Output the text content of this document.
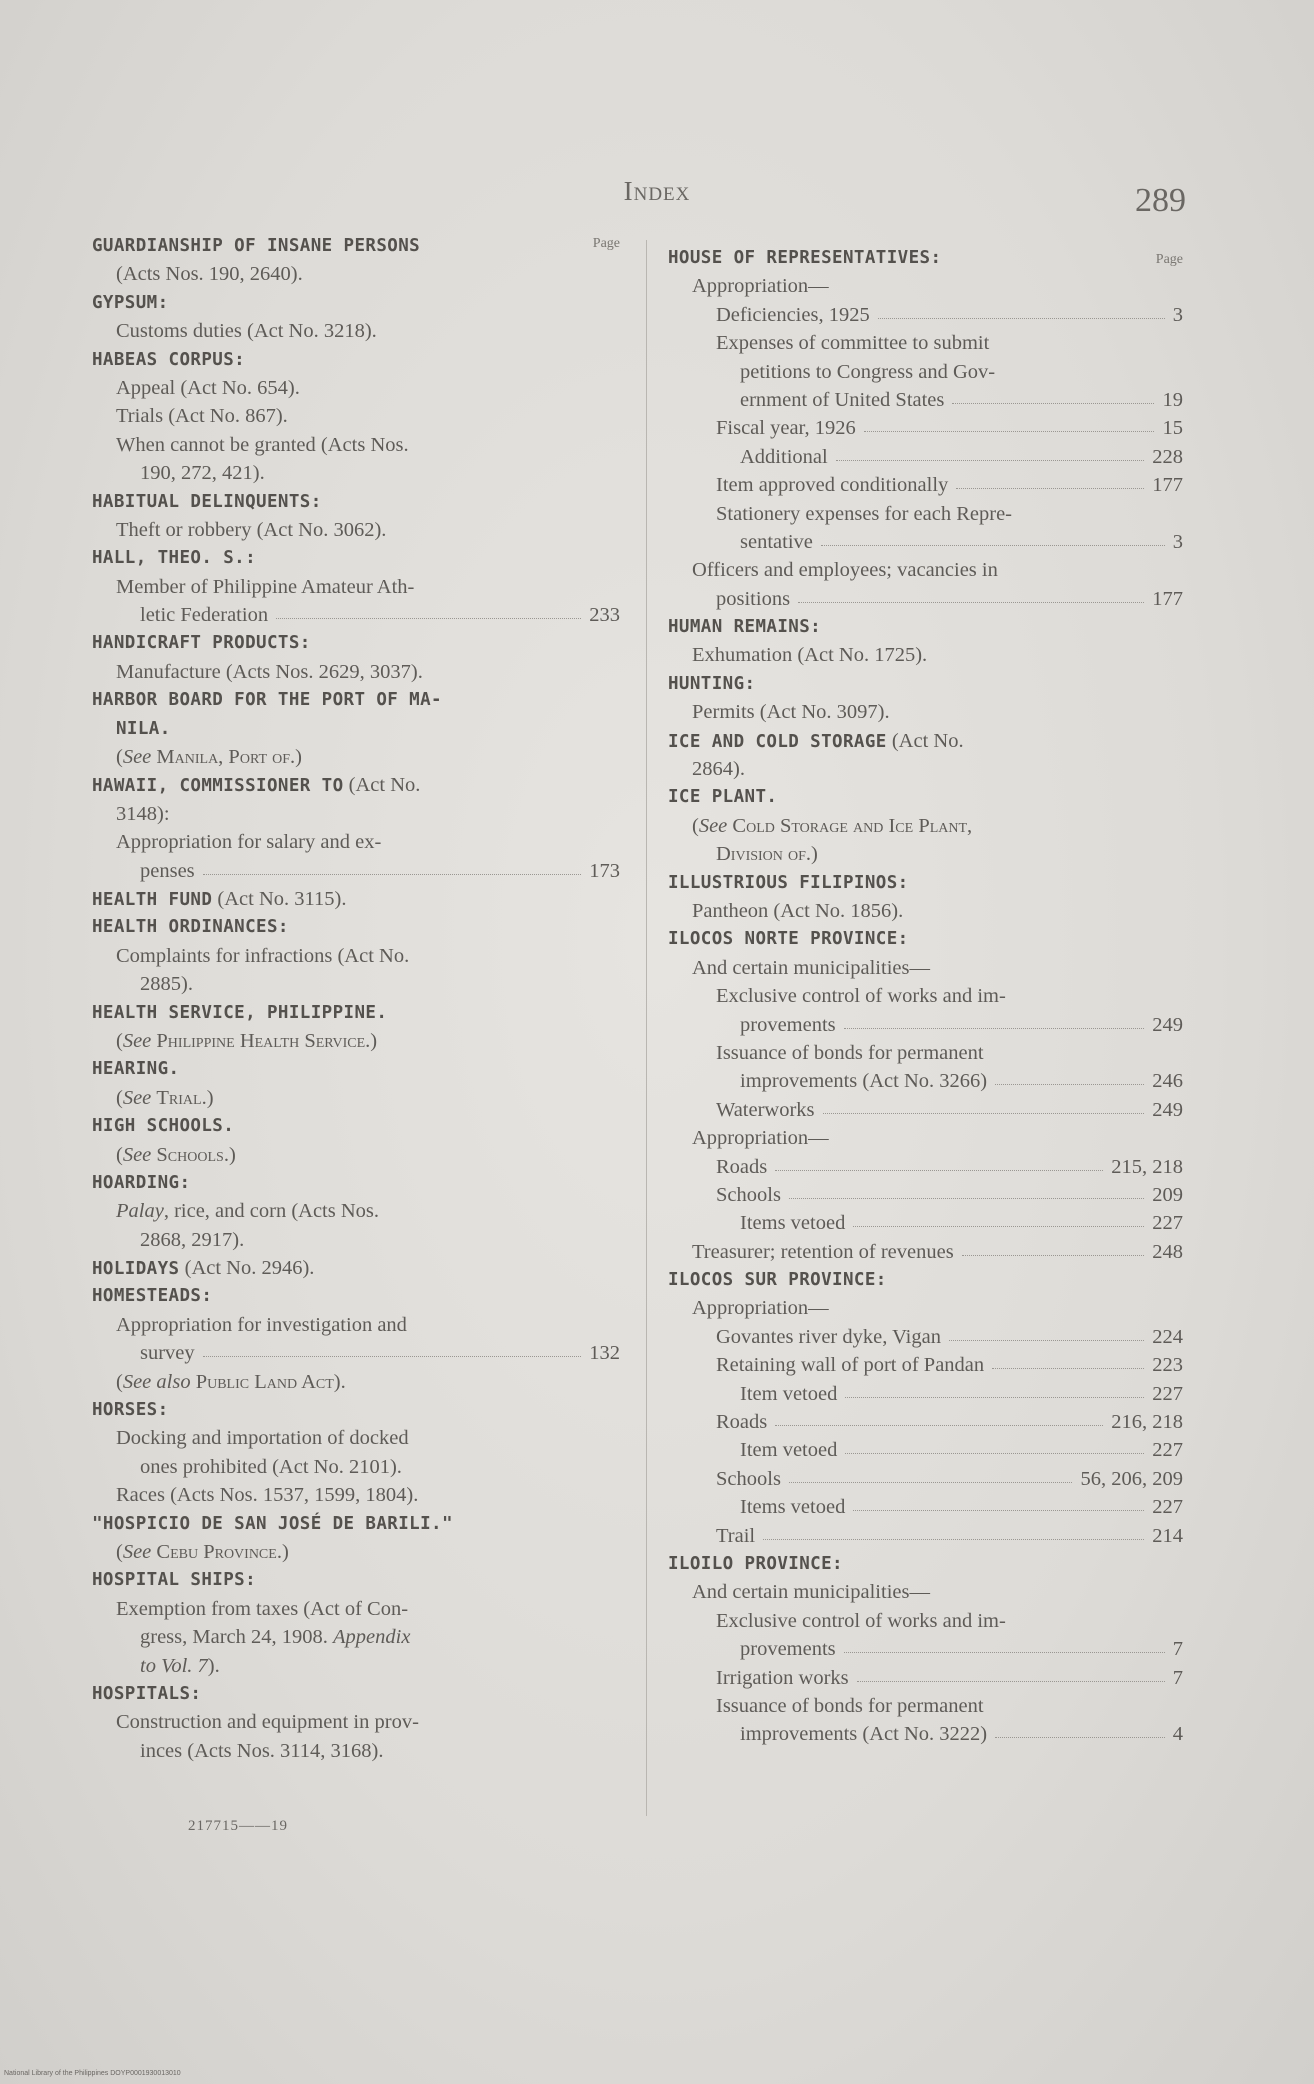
Index	289
Page
GUARDIANSHIP OF INSANE PERSONS
(Acts Nos. 190, 2640).
GYPSUM:
Customs duties (Act No. 3218).
HABEAS CORPUS:
Appeal (Act No. 654).
Trials (Act No. 867).
When cannot be granted (Acts Nos.
190, 272, 421).
HABITUAL DELINQUENTS:
Theft or robbery (Act No. 3062).
HALL, THEO. S.:
Member of Philippine Amateur Ath-
letic Federation	233
HANDICRAFT PRODUCTS:
Manufacture (Acts Nos. 2629, 3037).
HARBOR BOARD FOR THE PORT OF MA-
NILA.
(See Manila, Port of.)
HAWAII, COMMISSIONER TO (Act No.
3148):
Appropriation for salary and ex-
penses	173
HEALTH FUND (Act No. 3115).
HEALTH ORDINANCES:
Complaints for infractions (Act No.
2885).
HEALTH SERVICE, PHILIPPINE.
(See Philippine Health Service.)
HEARING.
(See Trial.)
HIGH SCHOOLS.
(See Schools.)
HOARDING:
Palay, rice, and corn (Acts Nos.
2868, 2917).
HOLIDAYS (Act No. 2946).
HOMESTEADS:
Appropriation for investigation and
survey	132
(See also Public Land Act).
HORSES:
Docking and importation of docked
ones prohibited (Act No. 2101).
Races (Acts Nos. 1537, 1599, 1804).
"HOSPICIO DE SAN JOSÉ DE BARILI."
(See Cebu Province.)
HOSPITAL SHIPS:
Exemption from taxes (Act of Con-
gress, March 24, 1908. Appendix
to Vol. 7).
HOSPITALS:
Construction and equipment in prov-
inces (Acts Nos. 3114, 3168).
Page
HOUSE OF REPRESENTATIVES:
Appropriation—
Deficiencies, 1925	3
Expenses of committee to submit
petitions to Congress and Gov-
ernment of United States	19
Fiscal year, 1926	15
Additional	228
Item approved conditionally	177
Stationery expenses for each Repre-
sentative	3
Officers and employees; vacancies in
positions	177
HUMAN REMAINS:
Exhumation (Act No. 1725).
HUNTING:
Permits (Act No. 3097).
ICE AND COLD STORAGE (Act No.
2864).
ICE PLANT.
(See Cold Storage and Ice Plant,
Division of.)
ILLUSTRIOUS FILIPINOS:
Pantheon (Act No. 1856).
ILOCOS NORTE PROVINCE:
And certain municipalities—
Exclusive control of works and im-
provements	249
Issuance of bonds for permanent
improvements (Act No. 3266)	246
Waterworks	249
Appropriation—
Roads	215, 218
Schools	209
Items vetoed	227
Treasurer; retention of revenues	248
ILOCOS SUR PROVINCE:
Appropriation—
Govantes river dyke, Vigan	224
Retaining wall of port of Pandan	223
Item vetoed	227
Roads	216, 218
Item vetoed	227
Schools	56, 206, 209
Items vetoed	227
Trail	214
ILOILO PROVINCE:
And certain municipalities—
Exclusive control of works and im-
provements	7
Irrigation works	7
Issuance of bonds for permanent
improvements (Act No. 3222)	4
217715——19
National Library of the Philippines DOYP0001930013010
